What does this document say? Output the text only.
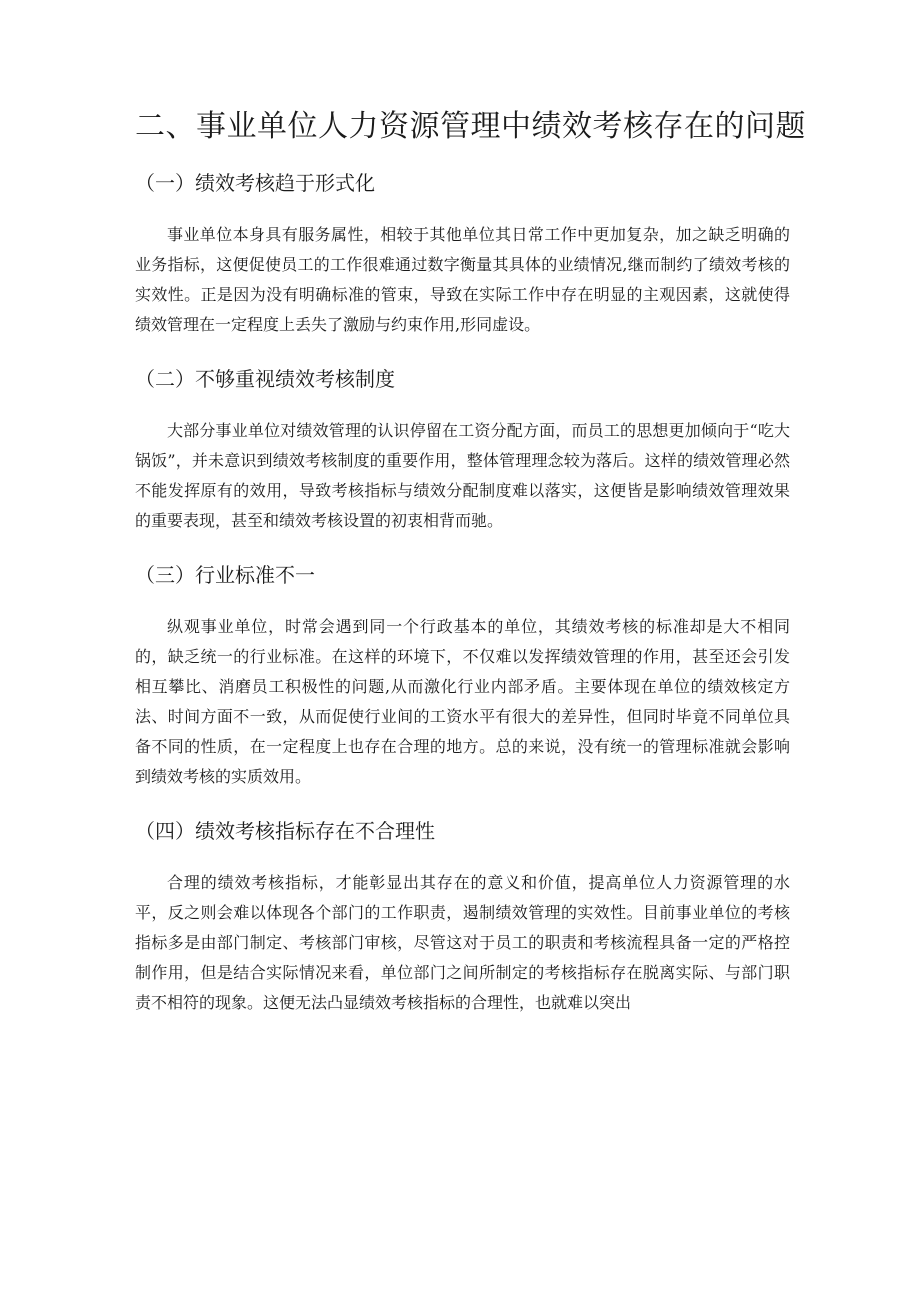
二、事业单位人力资源管理中绩效考核存在的问题
（一）绩效考核趋于形式化

事业单位本身具有服务属性，相较于其他单位其日常工作中更加复杂，加之缺乏明确的业务指标，这便促使员工的工作很难通过数字衡量其具体的业绩情况,继而制约了绩效考核的实效性。正是因为没有明确标准的管束，导致在实际工作中存在明显的主观因素，这就使得绩效管理在一定程度上丢失了激励与约束作用,形同虚设。

（二）不够重视绩效考核制度

大部分事业单位对绩效管理的认识停留在工资分配方面，而员工的思想更加倾向于“吃大锅饭”，并未意识到绩效考核制度的重要作用，整体管理理念较为落后。这样的绩效管理必然不能发挥原有的效用，导致考核指标与绩效分配制度难以落实，这便皆是影响绩效管理效果的重要表现，甚至和绩效考核设置的初衷相背而驰。

（三）行业标准不一

纵观事业单位，时常会遇到同一个行政基本的单位，其绩效考核的标准却是大不相同的，缺乏统一的行业标准。在这样的环境下，不仅难以发挥绩效管理的作用，甚至还会引发相互攀比、消磨员工积极性的问题,从而激化行业内部矛盾。主要体现在单位的绩效核定方法、时间方面不一致，从而促使行业间的工资水平有很大的差异性，但同时毕竟不同单位具备不同的性质，在一定程度上也存在合理的地方。总的来说，没有统一的管理标准就会影响到绩效考核的实质效用。

（四）绩效考核指标存在不合理性

合理的绩效考核指标，才能彰显出其存在的意义和价值，提高单位人力资源管理的水平，反之则会难以体现各个部门的工作职责，遏制绩效管理的实效性。目前事业单位的考核指标多是由部门制定、考核部门审核，尽管这对于员工的职责和考核流程具备一定的严格控制作用，但是结合实际情况来看，单位部门之间所制定的考核指标存在脱离实际、与部门职责不相符的现象。这便无法凸显绩效考核指标的合理性，也就难以突出
